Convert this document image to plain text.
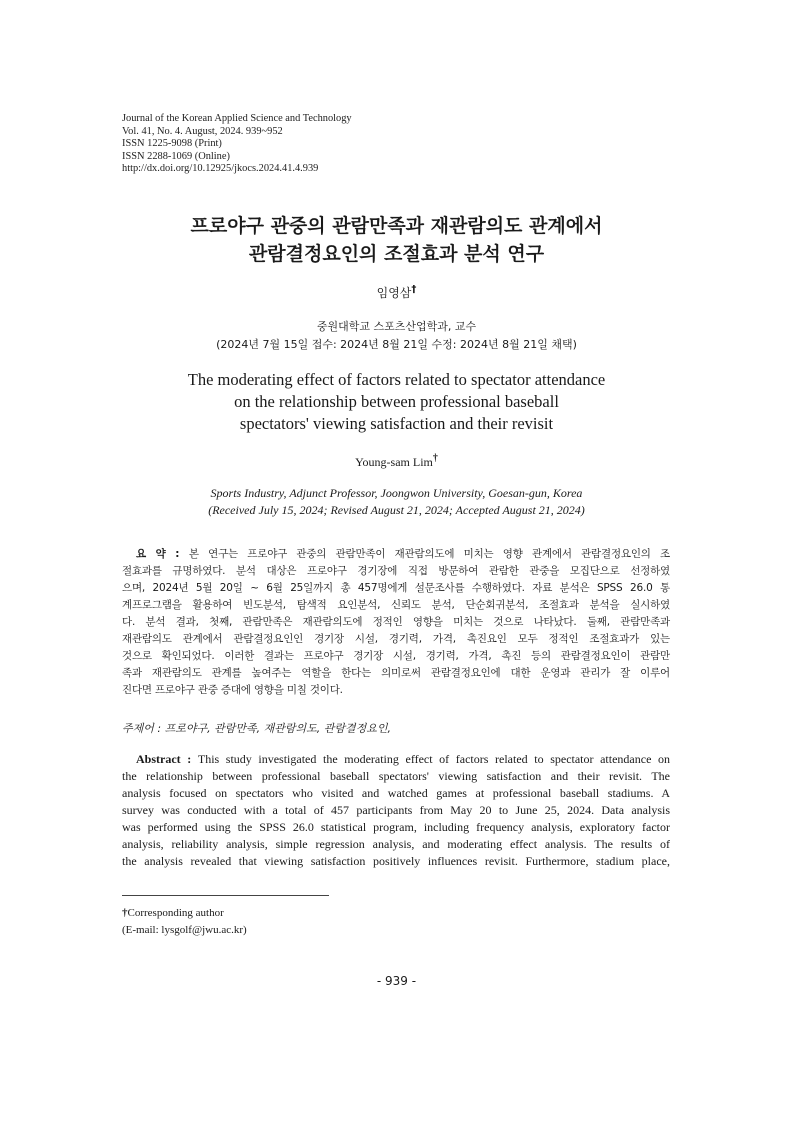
Journal of the Korean Applied Science and Technology
Vol. 41, No. 4. August, 2024. 939~952
ISSN 1225-9098 (Print)
ISSN 2288-1069 (Online)
http://dx.doi.org/10.12925/jkocs.2024.41.4.939
프로야구 관중의 관람만족과 재관람의도 관계에서
관람결정요인의 조절효과 분석 연구
임영삼†
중원대학교 스포츠산업학과, 교수
(2024년 7월 15일 접수: 2024년 8월 21일 수정: 2024년 8월 21일 채택)
The moderating effect of factors related to spectator attendance
on the relationship between professional baseball
spectators' viewing satisfaction and their revisit
Young-sam Lim†
Sports Industry, Adjunct Professor, Joongwon University, Goesan-gun, Korea
(Received July 15, 2024; Revised August 21, 2024; Accepted August 21, 2024)
요 약 : 본 연구는 프로야구 관중의 관람만족이 재관람의도에 미치는 영향 관계에서 관람결정요인의 조
절효과를 규명하였다. 분석 대상은 프로야구 경기장에 직접 방문하여 관람한 관중을 모집단으로 선정하였
으며, 2024년 5월 20일 ~ 6월 25일까지 총 457명에게 설문조사를 수행하였다. 자료 분석은 SPSS 26.0 통
계프로그램을 활용하여 빈도분석, 탐색적 요인분석, 신뢰도 분석, 단순회귀분석, 조절효과 분석을 실시하였
다. 분석 결과, 첫째, 관람만족은 재관람의도에 정적인 영향을 미치는 것으로 나타났다. 둘째, 관람만족과
재관람의도 관계에서 관람결정요인인 경기장 시설, 경기력, 가격, 촉진요인 모두 정적인 조절효과가 있는
것으로 확인되었다. 이러한 결과는 프로야구 경기장 시설, 경기력, 가격, 촉진 등의 관람결정요인이 관람만
족과 재관람의도 관계를 높여주는 역할을 한다는 의미로써 관람결정요인에 대한 운영과 관리가 잘 이루어
진다면 프로야구 관중 증대에 영향을 미칠 것이다.
주제어 : 프로야구, 관람만족, 재관람의도, 관람결정요인,
Abstract : This study investigated the moderating effect of factors related to spectator attendance on
the relationship between professional baseball spectators' viewing satisfaction and their revisit. The
analysis focused on spectators who visited and watched games at professional baseball stadiums. A
survey was conducted with a total of 457 participants from May 20 to June 25, 2024. Data analysis
was performed using the SPSS 26.0 statistical program, including frequency analysis, exploratory factor
analysis, reliability analysis, simple regression analysis, and moderating effect analysis. The results of
the analysis revealed that viewing satisfaction positively influences revisit. Furthermore, stadium place,
†Corresponding author
(E-mail: lysgolf@jwu.ac.kr)
- 939 -
